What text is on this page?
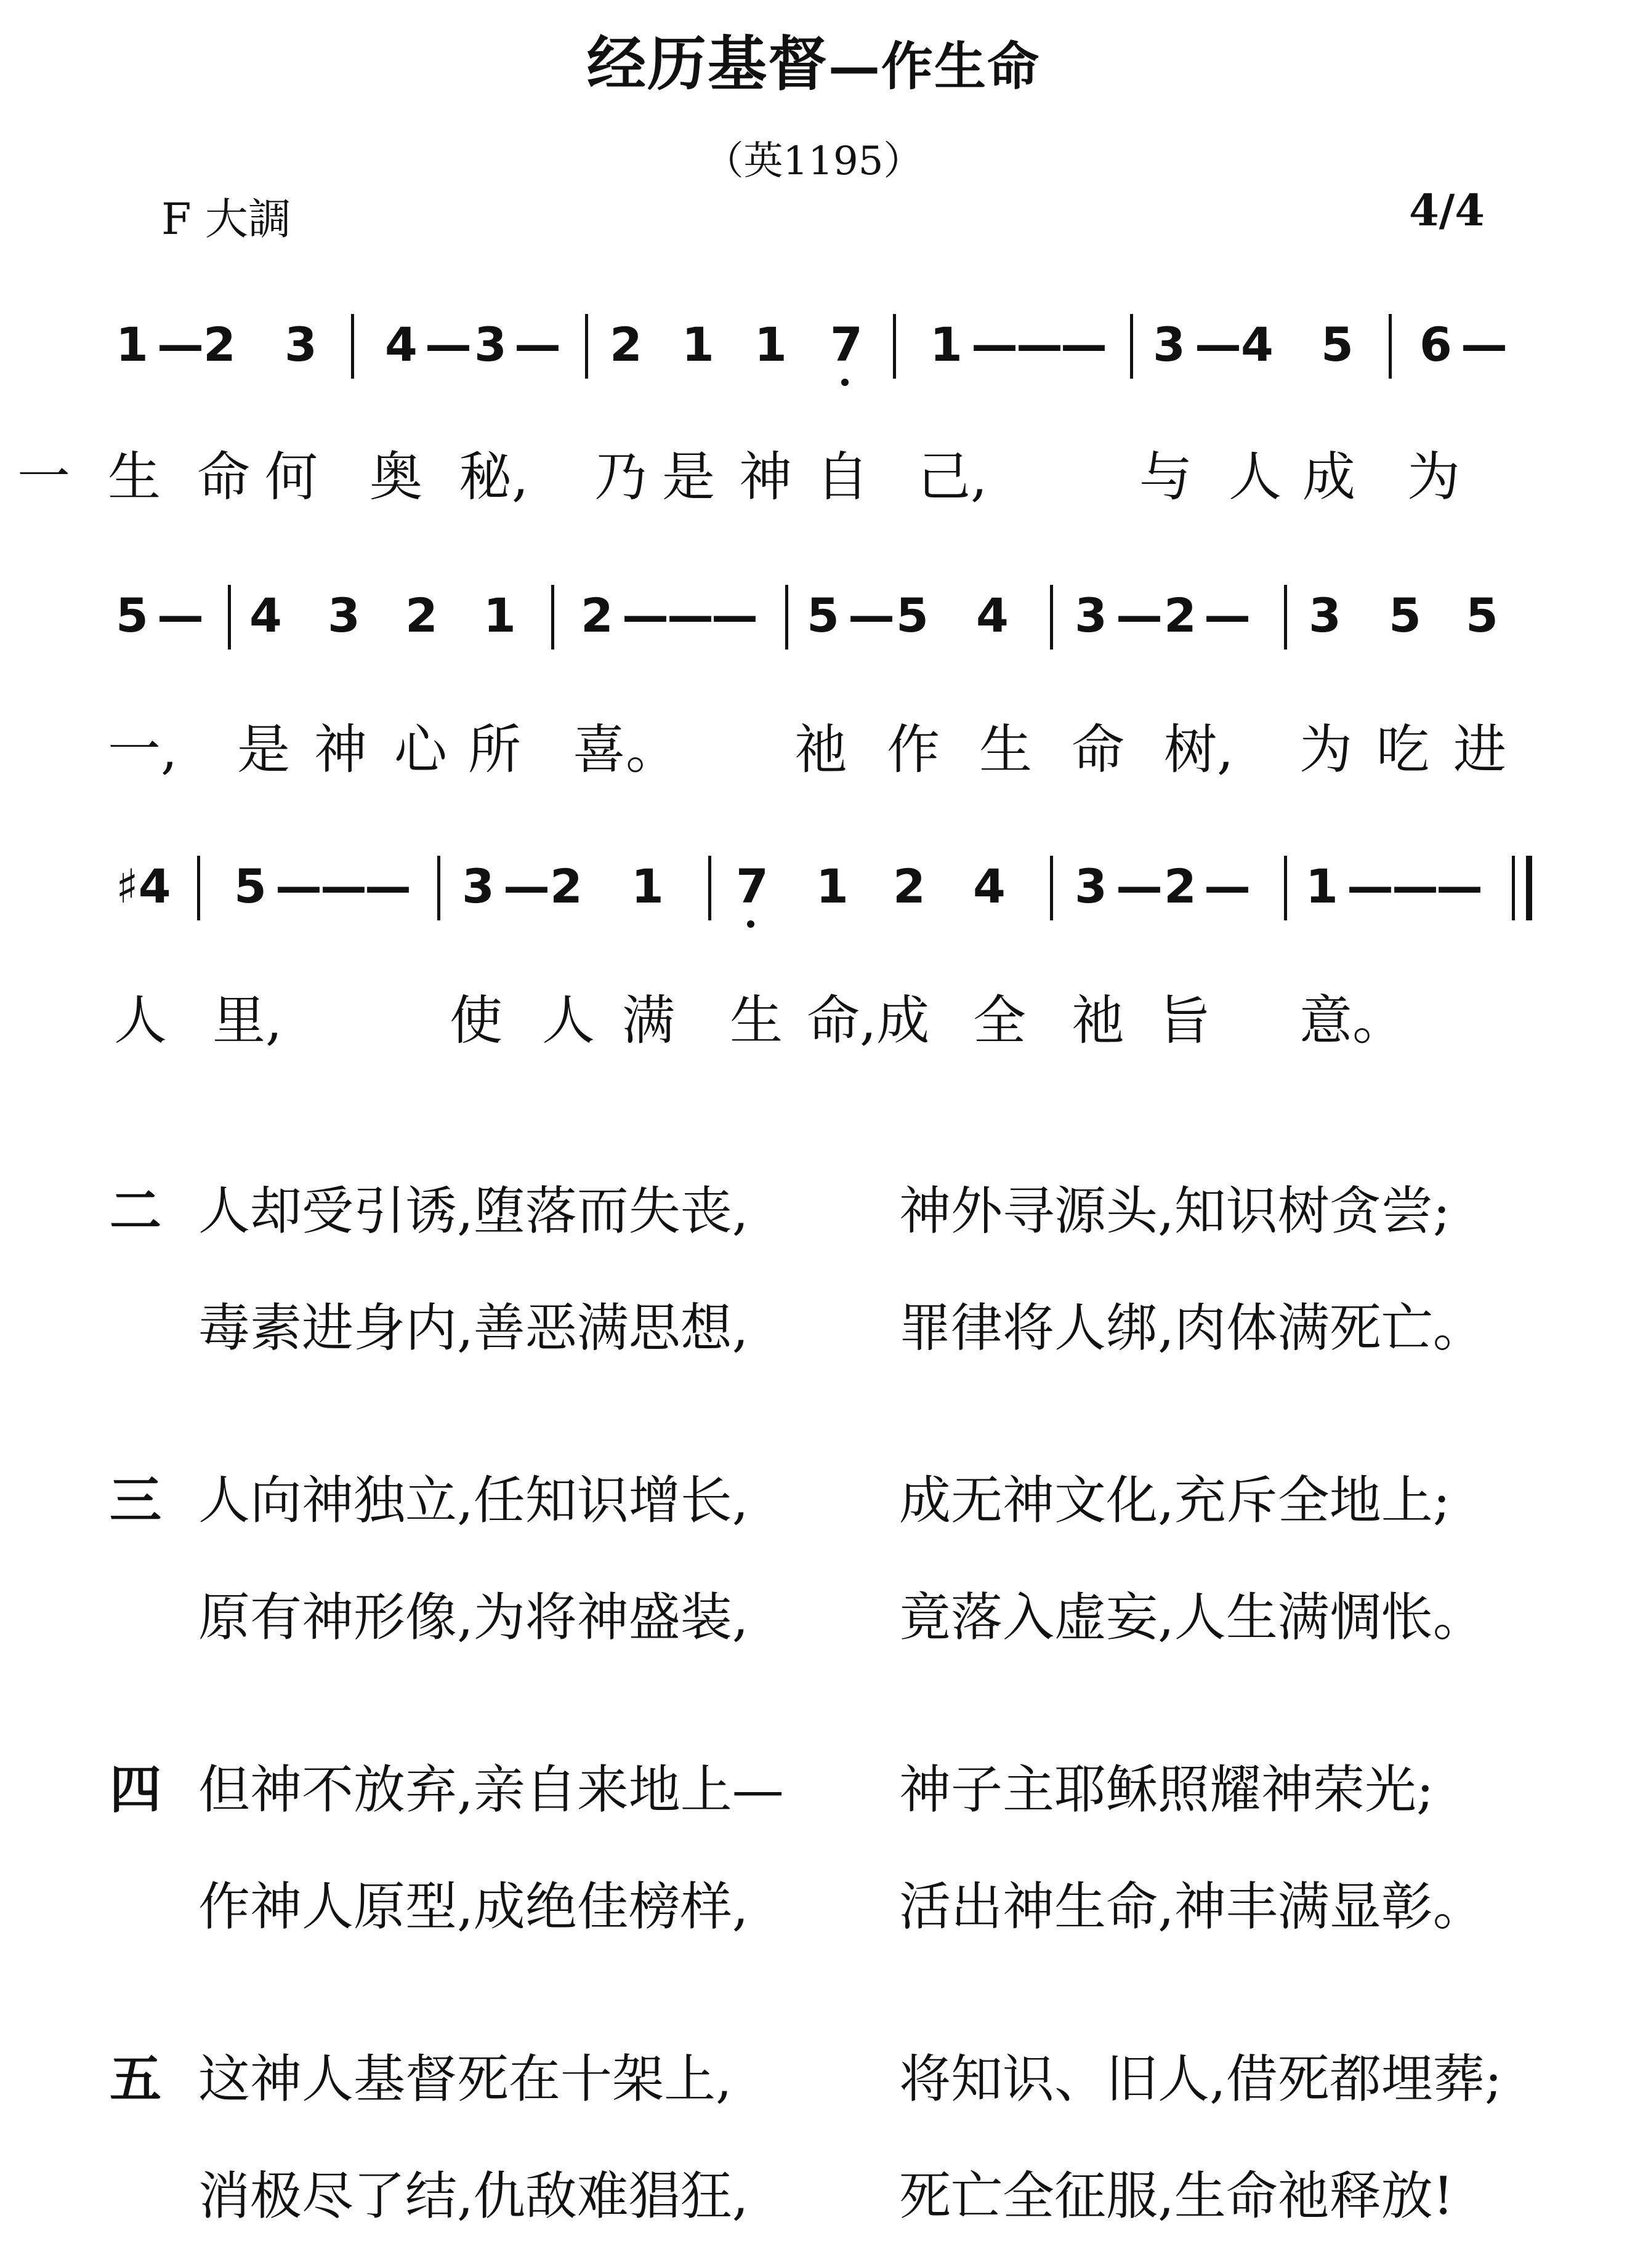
经历基督—作生命
（英1195）
F 大調	4/4
1 — 2 3 4 — 3 — 2 1 1 7 1 —
—
— 3 — 4 5 6 —
一 生 命 何 奥 秘, 乃 是 神 自 己,	与 人 成 为
5 — 4 3 2 1 2 —
—
— 5 — 5 4 3 — 2 — 3 5 5
一, 是 神 心 所 喜。 祂 作 生 命 树, 为 吃 进
♯4 5 —
—
— 3 — 2 1 7 1 2 4 3 — 2 — 1 —
—
—
人 里,	使 人 满 生 命,成 全 祂 旨 意。
二 人却受引诱,堕落而失丧,	神外寻源头,知识树贪尝;
毒素进身内,善恶满思想,	罪律将人绑,肉体满死亡。
三 人向神独立,任知识增长,	成无神文化,充斥全地上;
原有神形像,为将神盛装,	竟落入虚妄,人生满惆怅。
四 但神不放弃,亲自来地上— 神子主耶稣照耀神荣光;
作神人原型,成绝佳榜样,	活出神生命,神丰满显彰。
五 这神人基督死在十架上,	将知识、旧人,借死都埋葬;
消极尽了结,仇敌难猖狂,	死亡全征服,生命祂释放!
